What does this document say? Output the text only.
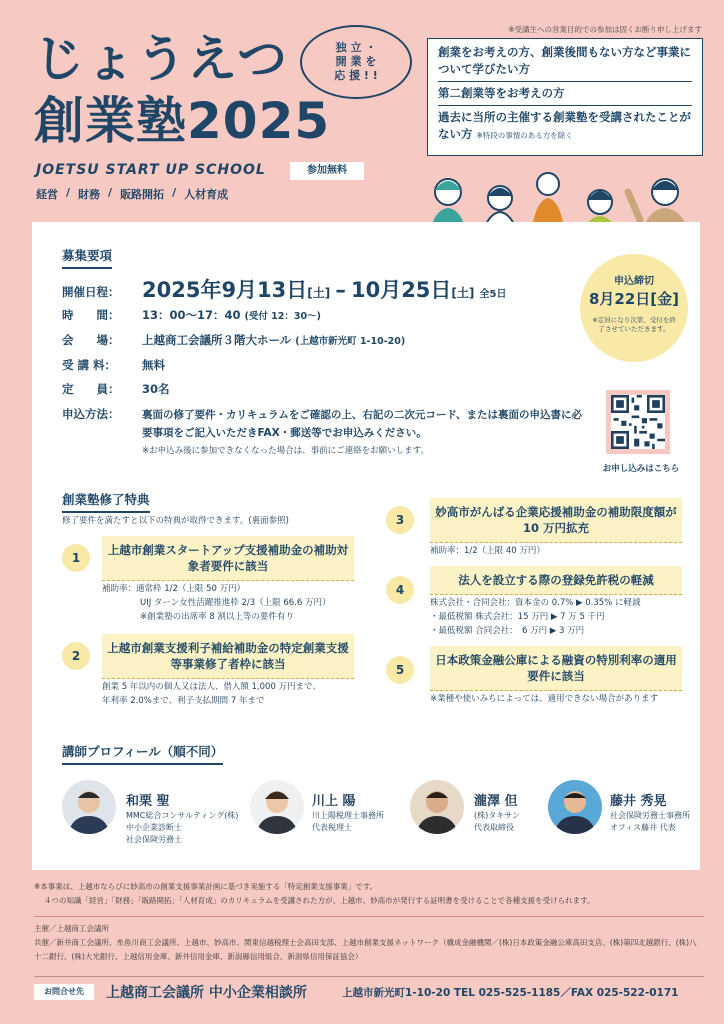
じょうえつ
創業塾2025
独 立 ・
開 業 を
応 援 ! !
JOETSU START UP SCHOOL	参加無料
経営 / 財務 / 販路開拓 / 人材育成
※受講生への営業目的での参加は固くお断り申し上げます
創業をお考えの方、創業後間もない方など事業について学びたい方
第二創業等をお考えの方
過去に当所の主催する創業塾を受講されたことがない方 ※特段の事情のある方を除く
募集要項
開催日程： 2025年9月13日[土] – 10月25日[土] 全5日
時　　間： 13：00～17：40 (受付 12：30～)
会　　場： 上越商工会議所３階大ホール (上越市新光町 1-10-20)
受 講 料： 無料
定　　員： 30名
申込方法： 裏面の修了要件・カリキュラムをご確認の上、右記の二次元コード、または裏面の申込書に必要事項をご記入いただきFAX・郵送等でお申込みください。
※お申込み後に参加できなくなった場合は、事前にご連絡をお願いします。
申込締切
8月22日[金]
※定員になり次第、受付を終了させていただきます。
お申し込みはこちら
創業塾修了特典
修了要件を満たすと以下の特典が取得できます。(裏面参照)
1
上越市創業スタートアップ支援補助金の補助対象者要件に該当
補助率：通常枠 1/2（上限 50 万円）
UIJ ターン女性活躍推進枠 2/3（上限 66.6 万円）
※創業塾の出席率 8 割以上等の要件有り
2
上越市創業支援利子補給補助金の特定創業支援等事業修了者枠に該当
創業 5 年以内の個人又は法人、借入額 1,000 万円まで、
年利率 2.0%まで、利子支払期間 7 年まで
3
妙高市がんばる企業応援補助金の補助限度額が 10 万円拡充
補助率：1/2（上限 40 万円）
4
法人を設立する際の登録免許税の軽減
株式会社・合同会社：資本金の 0.7% ▶ 0.35% に軽減
・最低税額 株式会社：15 万円 ▶ 7 万 5 千円
・最低税額 合同会社：　6 万円 ▶ 3 万円
5
日本政策金融公庫による融資の特別利率の適用要件に該当
※業種や使いみちによっては、適用できない場合があります
講師プロフィール（順不同）
和栗 聖
MMC総合コンサルティング(株)
中小企業診断士
社会保険労務士
川上 陽
川上陽税理士事務所
代表税理士
瀧澤 但
(株)タキサン
代表取締役
藤井 秀晃
社会保険労務士事務所
オフィス藤井 代表
※本事業は、上越市ならびに妙高市の創業支援事業計画に基づき実施する「特定創業支援事業」です。
４つの知識「経営」「財務」「販路開拓」「人材育成」のカリキュラムを受講された方が、上越市、妙高市が発行する証明書を受けることで各種支援を受けられます。
主催／上越商工会議所
共催／新井商工会議所、糸魚川商工会議所、上越市、妙高市、関東信越税理士会高田支部、上越市創業支援ネットワーク（構成金融機関／(株)日本政策金融公庫高田支店、(株)第四北越銀行、(株)八十二銀行、(株)大光銀行、上越信用金庫、新井信用金庫、新潟縣信用組合、新潟県信用保証協会）
お問合せ先	上越商工会議所 中小企業相談所	上越市新光町1-10-20 TEL 025-525-1185／FAX 025-522-0171
